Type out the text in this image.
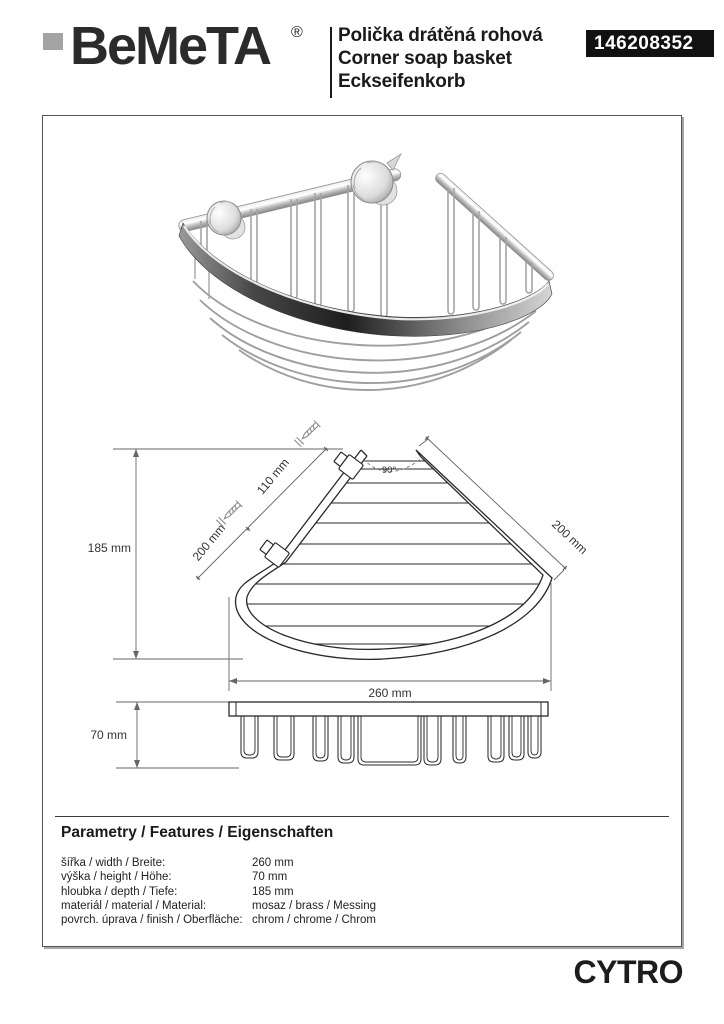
BeMeTA ® Polička drátěná rohová
Corner soap basket
Eckseifenkorb
146208352
185 mm
110 mm
200 mm	200 mm
90°
260 mm
70 mm
Parametry / Features / Eigenschaften
šířka / width / Breite:	260 mm
výška / height / Höhe:	70 mm
hloubka / depth / Tiefe:	185 mm
materiál / material / Material:	mosaz / brass / Messing
povrch. úprava / finish / Oberfläche: chrom / chrome / Chrom
CYTRO
